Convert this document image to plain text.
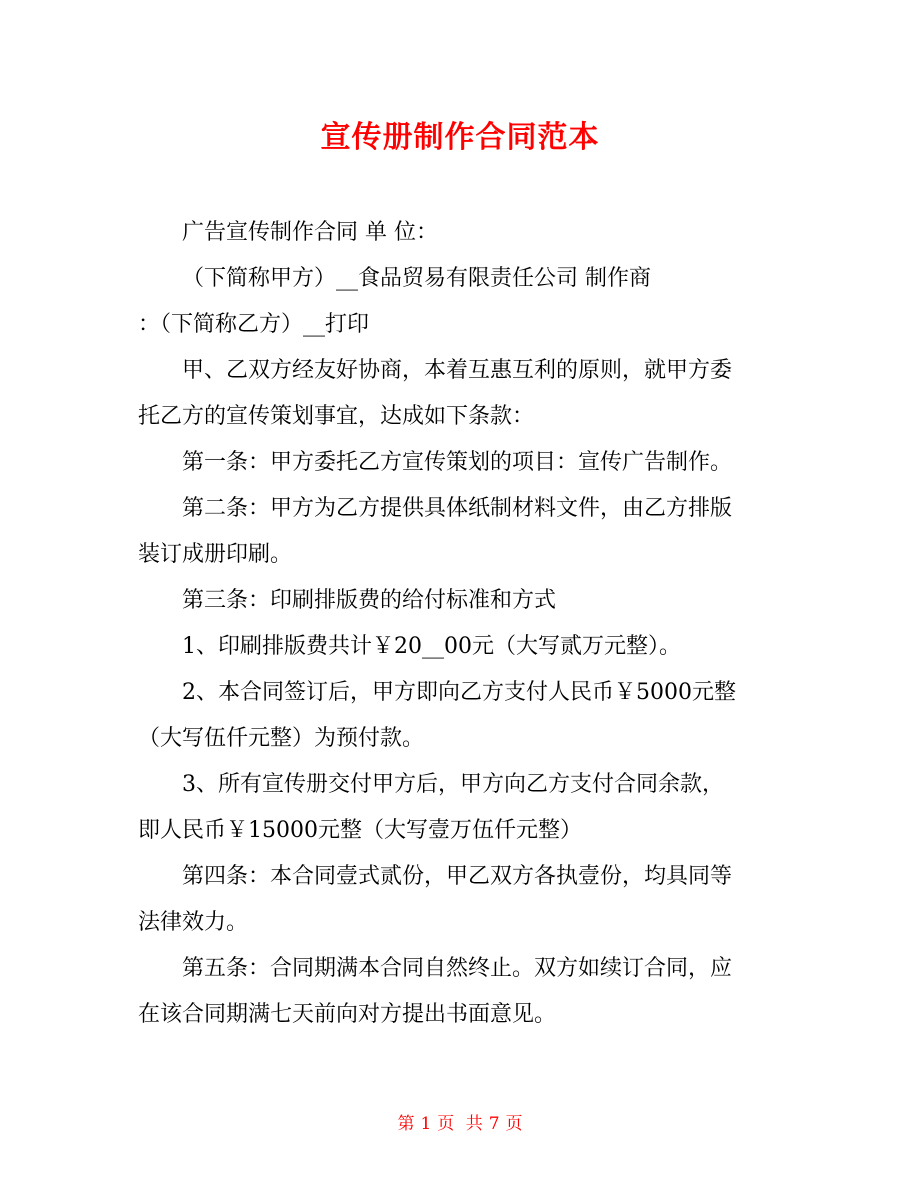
宣传册制作合同范本

广告宣传制作合同 单 位：

（下简称甲方）__食品贸易有限责任公司 制作商

：（下简称乙方）__打印

甲、乙双方经友好协商，本着互惠互利的原则，就甲方委

托乙方的宣传策划事宜，达成如下条款：

第一条：甲方委托乙方宣传策划的项目：宣传广告制作。

第二条：甲方为乙方提供具体纸制材料文件，由乙方排版

装订成册印刷。

第三条：印刷排版费的给付标准和方式

1、印刷排版费共计￥20__00元（大写贰万元整）。

2、本合同签订后，甲方即向乙方支付人民币￥5000元整

（大写伍仟元整）为预付款。

3、所有宣传册交付甲方后，甲方向乙方支付合同余款，

即人民币￥15000元整（大写壹万伍仟元整）

第四条：本合同壹式贰份，甲乙双方各执壹份，均具同等

法律效力。

第五条：合同期满本合同自然终止。双方如续订合同，应

在该合同期满七天前向对方提出书面意见。

第 1 页 共 7 页
